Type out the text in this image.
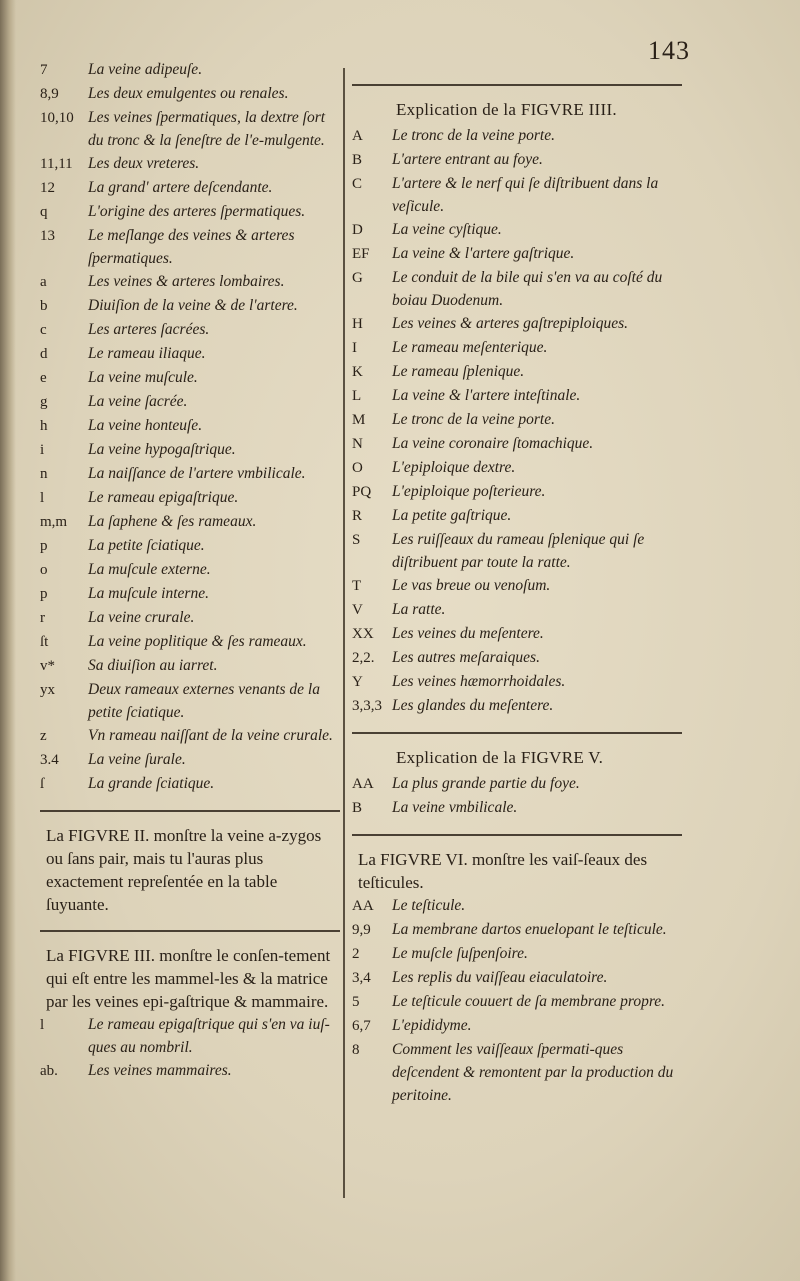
143
7	La veine adipeuſe.
8,9	Les deux emulgentes ou renales.
10,10 Les veines ſpermatiques, la dextre ſort du tronc & la ſeneſtre de l'e-mulgente.
11,11 Les deux vreteres.
12	La grand' artere deſcendante.
q	L'origine des arteres ſpermatiques.
13	Le meſlange des veines & arteres ſpermatiques.
a	Les veines & arteres lombaires.
b	Diuiſion de la veine & de l'artere.
c	Les arteres ſacrées.
d	Le rameau iliaque.
e	La veine muſcule.
g	La veine ſacrée.
h	La veine honteuſe.
i	La veine hypogaſtrique.
n	La naiſſance de l'artere vmbilicale.
l	Le rameau epigaſtrique.
m,m	La ſaphene & ſes rameaux.
p	La petite ſciatique.
o	La muſcule externe.
p	La muſcule interne.
r	La veine crurale.
ſt	La veine poplitique & ſes rameaux.
v*	Sa diuiſion au iarret.
yx	Deux rameaux externes venants de la petite ſciatique.
z	Vn rameau naiſſant de la veine crurale.
3.4	La veine ſurale.
ſ	La grande ſciatique.
La FIGVRE II. monſtre la veine a-zygos ou ſans pair, mais tu l'auras plus exactement repreſentée en la table ſuyuante.
La FIGVRE III. monſtre le conſen-tement qui eſt entre les mammel-les & la matrice par les veines epi-gaſtrique & mammaire.
l	Le rameau epigaſtrique qui s'en va iuſ-ques au nombril.
ab.	Les veines mammaires.
Explication de la FIGVRE IIII.
A	Le tronc de la veine porte.
B	L'artere entrant au foye.
C	L'artere & le nerf qui ſe diſtribuent dans la veſicule.
D	La veine cyſtique.
EF	La veine & l'artere gaſtrique.
G	Le conduit de la bile qui s'en va au coſté du boiau Duodenum.
H	Les veines & arteres gaſtrepiploiques.
I	Le rameau meſenterique.
K	Le rameau ſplenique.
L	La veine & l'artere inteſtinale.
M	Le tronc de la veine porte.
N	La veine coronaire ſtomachique.
O	L'epiploique dextre.
PQ	L'epiploique poſterieure.
R	La petite gaſtrique.
S	Les ruiſſeaux du rameau ſplenique qui ſe diſtribuent par toute la ratte.
T	Le vas breue ou venoſum.
V	La ratte.
XX	Les veines du meſentere.
2,2.	Les autres meſaraiques.
Y	Les veines hæmorrhoidales.
3,3,3 Les glandes du meſentere.
Explication de la FIGVRE V.
AA	La plus grande partie du foye.
B	La veine vmbilicale.
La FIGVRE VI. monſtre les vaiſ-ſeaux des teſticules.
AA	Le teſticule.
9,9	La membrane dartos enuelopant le teſticule.
2	Le muſcle ſuſpenſoire.
3,4	Les replis du vaiſſeau eiaculatoire.
5	Le teſticule couuert de ſa membrane propre.
6,7	L'epididyme.
8	Comment les vaiſſeaux ſpermati-ques deſcendent & remontent par la production du peritoine.
